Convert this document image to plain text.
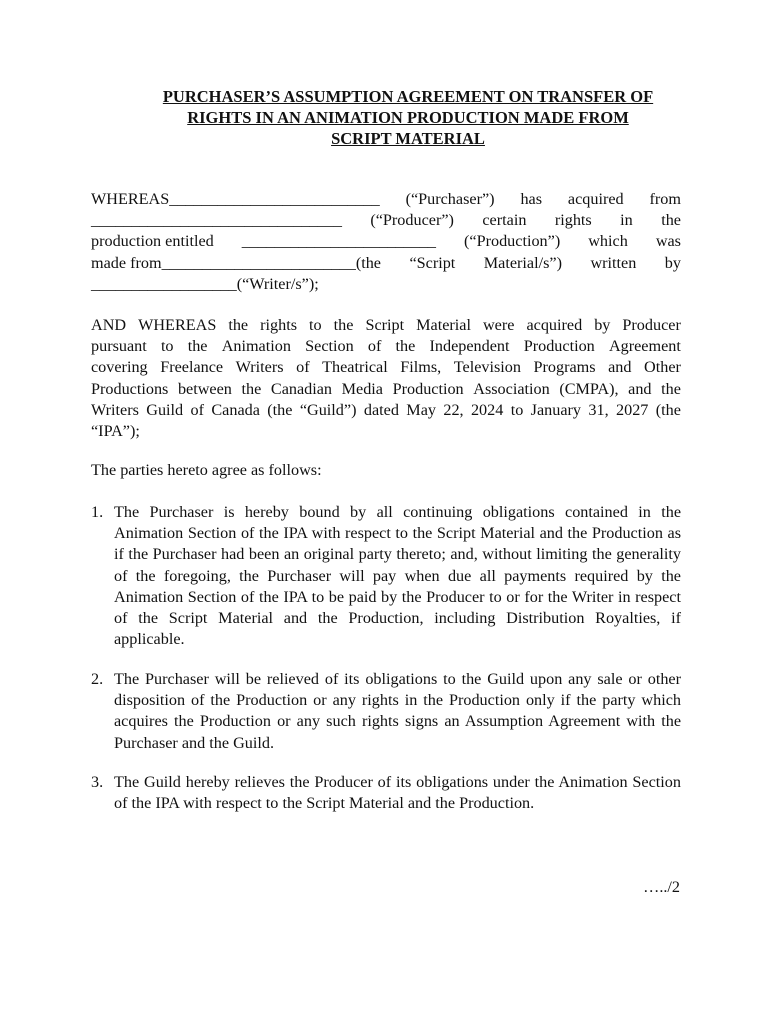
PURCHASER’S ASSUMPTION AGREEMENT ON TRANSFER OF
RIGHTS IN AN ANIMATION PRODUCTION MADE FROM
SCRIPT MATERIAL
WHEREAS__________________________ (“Purchaser”) has acquired from
_______________________________ (“Producer”) certain rights in the
production entitled ________________________ (“Production”) which was
made from________________________(the “Script Material/s”) written by
__________________(“Writer/s”);
AND WHEREAS the rights to the Script Material were acquired by Producer
pursuant to the Animation Section of the Independent Production Agreement
covering Freelance Writers of Theatrical Films, Television Programs and Other
Productions between the Canadian Media Production Association (CMPA), and the
Writers Guild of Canada (the “Guild”) dated May 22, 2024 to January 31, 2027 (the
“IPA”);
The parties hereto agree as follows:
1. The Purchaser is hereby bound by all continuing obligations contained in the Animation Section of the IPA with respect to the Script Material and the Production as if the Purchaser had been an original party thereto; and, without limiting the generality of the foregoing, the Purchaser will pay when due all payments required by the Animation Section of the IPA to be paid by the Producer to or for the Writer in respect of the Script Material and the Production, including Distribution Royalties, if applicable.
2. The Purchaser will be relieved of its obligations to the Guild upon any sale or other disposition of the Production or any rights in the Production only if the party which acquires the Production or any such rights signs an Assumption Agreement with the Purchaser and the Guild.
3. The Guild hereby relieves the Producer of its obligations under the Animation Section of the IPA with respect to the Script Material and the Production.
…../2
